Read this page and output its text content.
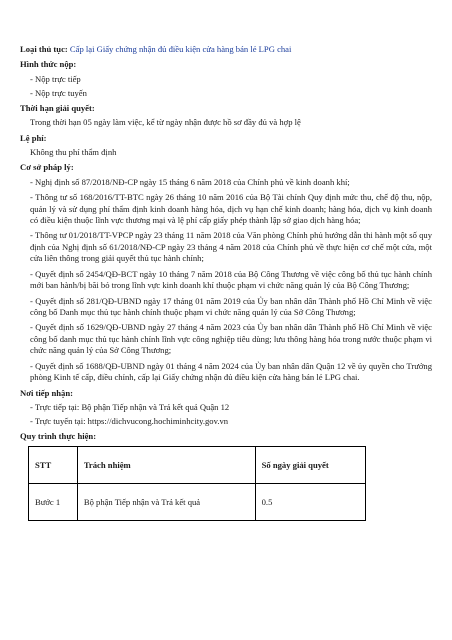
Loại thủ tục: Cấp lại Giấy chứng nhận đủ điều kiện cửa hàng bán lẻ LPG chai
Hình thức nộp:
- Nộp trực tiếp
- Nộp trực tuyến
Thời hạn giải quyết:
Trong thời hạn 05 ngày làm việc, kể từ ngày nhận được hồ sơ đầy đủ và hợp lệ
Lệ phí:
Không thu phí thẩm định
Cơ sở pháp lý:
- Nghị định số 87/2018/NĐ-CP ngày 15 tháng 6 năm 2018 của Chính phủ về kinh doanh khí;
- Thông tư số 168/2016/TT-BTC ngày 26 tháng 10 năm 2016 của Bộ Tài chính Quy định mức thu, chế độ thu, nộp, quản lý và sử dụng phí thẩm định kinh doanh hàng hóa, dịch vụ hạn chế kinh doanh; hàng hóa, dịch vụ kinh doanh có điều kiện thuộc lĩnh vực thương mại và lệ phí cấp giấy phép thành lập sở giao dịch hàng hóa;
- Thông tư 01/2018/TT-VPCP ngày 23 tháng 11 năm 2018 của Văn phòng Chính phủ hướng dẫn thi hành một số quy định của Nghị định số 61/2018/NĐ-CP ngày 23 tháng 4 năm 2018 của Chính phủ về thực hiện cơ chế một cửa, một cửa liên thông trong giải quyết thủ tục hành chính;
- Quyết định số 2454/QĐ-BCT ngày 10 tháng 7 năm 2018 của Bộ Công Thương về việc công bố thủ tục hành chính mới ban hành/bị bãi bỏ trong lĩnh vực kinh doanh khí thuộc phạm vi chức năng quản lý của Bộ Công Thương;
- Quyết định số 281/QĐ-UBND ngày 17 tháng 01 năm 2019 của Ủy ban nhân dân Thành phố Hồ Chí Minh về việc công bố Danh mục thủ tục hành chính thuộc phạm vi chức năng quản lý của Sở Công Thương;
- Quyết định số 1629/QĐ-UBND ngày 27 tháng 4 năm 2023 của Ủy ban nhân dân Thành phố Hồ Chí Minh về việc công bố danh mục thủ tục hành chính lĩnh vực công nghiệp tiêu dùng; lưu thông hàng hóa trong nước thuộc phạm vi chức năng quản lý của Sở Công Thương;
- Quyết định số 1688/QĐ-UBND ngày 01 tháng 4 năm 2024 của Ủy ban nhân dân Quận 12 về ủy quyền cho Trưởng phòng Kinh tế cấp, điều chỉnh, cấp lại Giấy chứng nhận đủ điều kiện cửa hàng bán lẻ LPG chai.
Nơi tiếp nhận:
- Trực tiếp tại: Bộ phận Tiếp nhận và Trả kết quả Quận 12
- Trực tuyến tại: https://dichvucong.hochiminhcity.gov.vn
Quy trình thực hiện:
STT	Trách nhiệm	Số ngày giải quyết
Bước 1	Bộ phận Tiếp nhận và Trả kết quả	0.5
